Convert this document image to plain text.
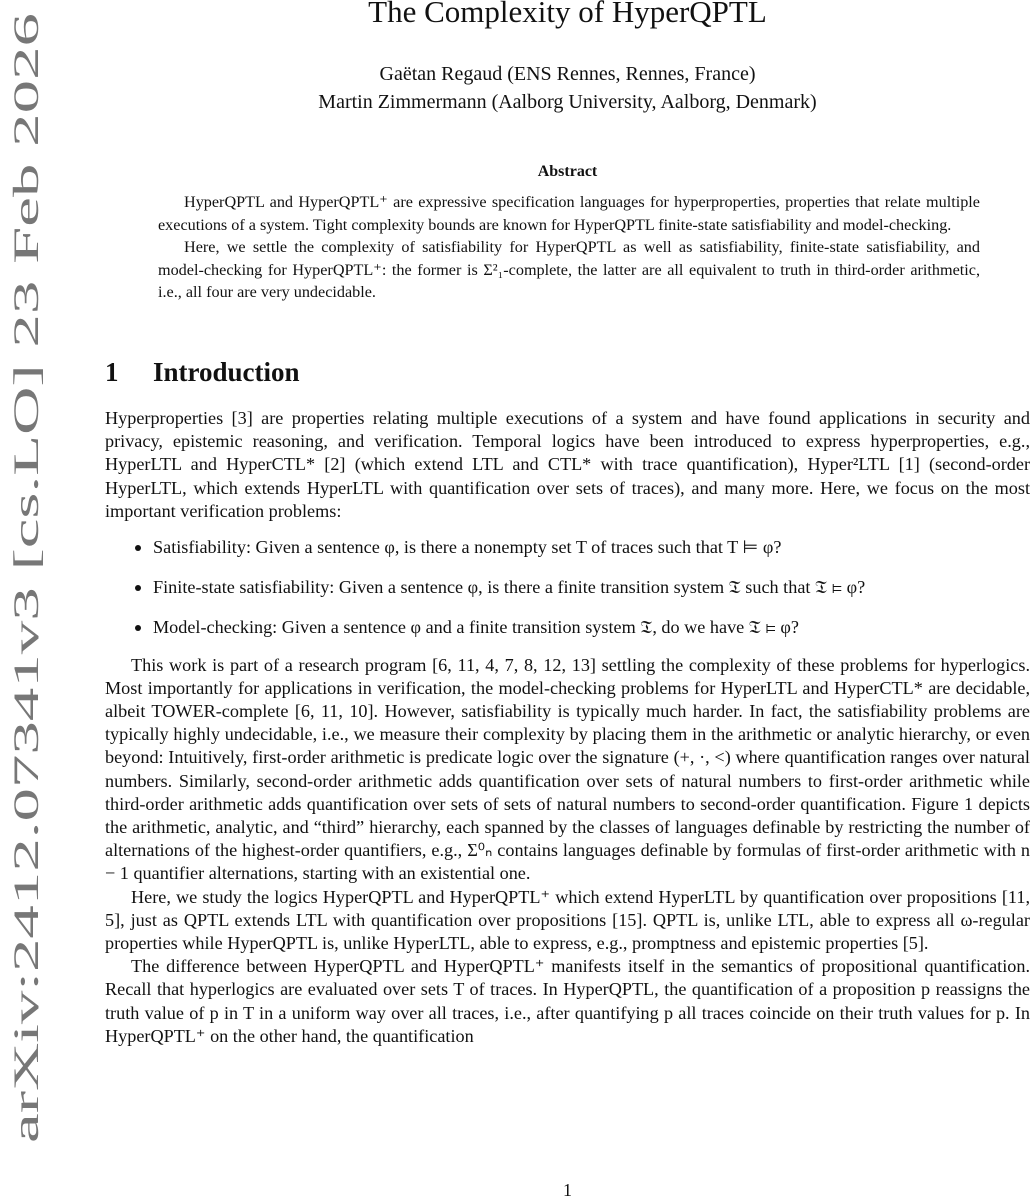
arXiv:2412.07341v3 [cs.LO] 23 Feb 2026
The Complexity of HyperQPTL
Gaëtan Regaud (ENS Rennes, Rennes, France)
Martin Zimmermann (Aalborg University, Aalborg, Denmark)
Abstract

HyperQPTL and HyperQPTL⁺ are expressive specification languages for hyperproperties, properties that relate multiple executions of a system. Tight complexity bounds are known for HyperQPTL finite-state satisfiability and model-checking.

Here, we settle the complexity of satisfiability for HyperQPTL as well as satisfiability, finite-state satisfiability, and model-checking for HyperQPTL⁺: the former is Σ²₁-complete, the latter are all equivalent to truth in third-order arithmetic, i.e., all four are very undecidable.

1 Introduction

Hyperproperties [3] are properties relating multiple executions of a system and have found applications in security and privacy, epistemic reasoning, and verification. Temporal logics have been introduced to express hyperproperties, e.g., HyperLTL and HyperCTL* [2] (which extend LTL and CTL* with trace quantification), Hyper²LTL [1] (second-order HyperLTL, which extends HyperLTL with quantification over sets of traces), and many more. Here, we focus on the most important verification problems:

Satisfiability: Given a sentence φ, is there a nonempty set T of traces such that T ⊨ φ?
Finite-state satisfiability: Given a sentence φ, is there a finite transition system 𝔗 such that 𝔗 ⊨ φ?
Model-checking: Given a sentence φ and a finite transition system 𝔗, do we have 𝔗 ⊨ φ?

This work is part of a research program [6, 11, 4, 7, 8, 12, 13] settling the complexity of these problems for hyperlogics. Most importantly for applications in verification, the model-checking problems for HyperLTL and HyperCTL* are decidable, albeit TOWER-complete [6, 11, 10]. However, satisfiability is typically much harder. In fact, the satisfiability problems are typically highly undecidable, i.e., we measure their complexity by placing them in the arithmetic or analytic hierarchy, or even beyond: Intuitively, first-order arithmetic is predicate logic over the signature (+, ·, <) where quantification ranges over natural numbers. Similarly, second-order arithmetic adds quantification over sets of natural numbers to first-order arithmetic while third-order arithmetic adds quantification over sets of sets of natural numbers to second-order quantification. Figure 1 depicts the arithmetic, analytic, and “third” hierarchy, each spanned by the classes of languages definable by restricting the number of alternations of the highest-order quantifiers, e.g., Σ⁰ₙ contains languages definable by formulas of first-order arithmetic with n − 1 quantifier alternations, starting with an existential one.

Here, we study the logics HyperQPTL and HyperQPTL⁺ which extend HyperLTL by quantification over propositions [11, 5], just as QPTL extends LTL with quantification over propositions [15]. QPTL is, unlike LTL, able to express all ω-regular properties while HyperQPTL is, unlike HyperLTL, able to express, e.g., promptness and epistemic properties [5].

The difference between HyperQPTL and HyperQPTL⁺ manifests itself in the semantics of propositional quantification. Recall that hyperlogics are evaluated over sets T of traces. In HyperQPTL, the quantification of a proposition p reassigns the truth value of p in T in a uniform way over all traces, i.e., after quantifying p all traces coincide on their truth values for p. In HyperQPTL⁺ on the other hand, the quantification

1
